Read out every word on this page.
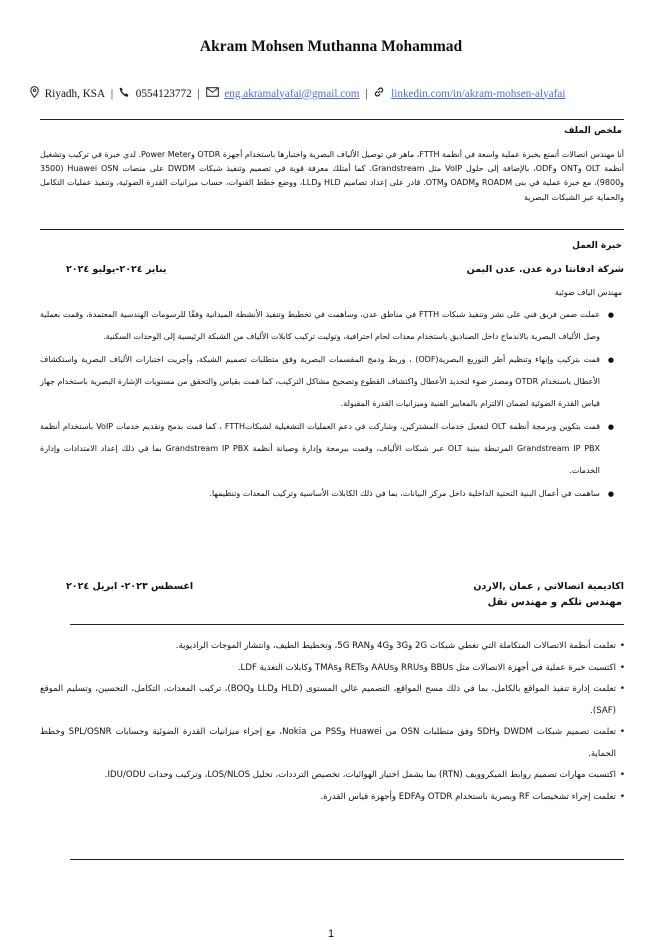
Akram Mohsen Muthanna Mohammad
Riyadh, KSA | 0554123772 | eng.akramalyafai@gmail.com | linkedin.com/in/akram-mohsen-alyafai
ملخص الملف
أنا مهندس اتصالات أتمتع بخبرة عملية واسعة في أنظمة FTTH، ماهر في توصيل الألياف البصرية واختبارها باستخدام أجهزة OTDR وPower Meter. لدي خبرة في تركيب وتشغيل أنظمة OLT وONT وODF، بالإضافة إلى حلول VoIP مثل Grandstream. كما أمتلك معرفة قوية في تصميم وتنفيذ شبكات DWDM على منصات Huawei OSN (3500 و9800)، مع خبرة عملية في بنى ROADM وOADM وOTM. قادر على إعداد تصاميم HLD وLLD، ووضع خطط القنوات، حساب ميزانيات القدرة الضوئية، وتنفيذ عمليات التكامل والحماية عبر الشبكات البصرية
خبرة العمل
شركة ادفانتا درة عدن. عدن اليمن
يناير ٢٠٢٤-يوليو ٢٠٢٤
مهندس الياف ضوئية
● عملت ضمن فريق فني على نشر وتنفيذ شبكات FTTH في مناطق عدن، وساهمت في تخطيط وتنفيذ الأنشطة الميدانية وفقًا للرسومات الهندسية المعتمدة، وقمت بعملية وصل الألياف البصرية بالاندماج داخل الصناديق باستخدام معدات لحام احترافية، وتوليت تركيب كابلات الألياف من الشبكة الرئيسية إلى الوحدات السكنية.
● قمت بتركيب وإنهاء وتنظيم أطر التوزيع البصرية(ODF) ، وربط ودمج المقسمات البصرية وفق متطلبات تصميم الشبكة، وأجريت اختبارات الألياف البصرية واستكشاف الأعطال باستخدام OTDR ومصدر ضوء لتحديد الأعطال واكتشاف القطوع وتصحيح مشاكل التركيب، كما قمت بقياس والتحقق من مستويات الإشارة البصرية باستخدام جهاز قياس القدرة الضوئية لضمان الالتزام بالمعايير الفنية وميزانيات القدرة المقبولة.
● قمت بتكوين وبرمجة أنظمة OLT لتفعيل خدمات المشتركين، وشاركت في دعم العمليات التشغيلية لشبكاتFTTH ، كما قمت بدمج وتقديم خدمات VoIP باستخدام أنظمة Grandstream IP PBX المرتبطة ببنية OLT عبر شبكات الألياف، وقمت ببرمجة وإدارة وصيانة أنظمة Grandstream IP PBX بما في ذلك إعداد الامتدادات وإدارة الخدمات.
● ساهمت في أعمال البنية التحتية الداخلية داخل مركز البيانات، بما في ذلك الكابلات الأساسية وتركيب المعدات وتنظيمها.
اكاديمية اتصالاتي , عمان ,الاردن
اغسطس ٢٠٢٣- ابريل ٢٠٢٤
مهندس تلكم و مهندس نقل
• تعلمت أنظمة الاتصالات المتكاملة التي تغطي شبكات 2G و3G و4G و5G RAN، وتخطيط الطيف، وانتشار الموجات الراديوية.
• اكتسبت خبرة عملية في أجهزة الاتصالات مثل BBUs وRRUs وAAUs وRETs وTMAs وكابلات التغذية LDF.
• تعلمت إدارة تنفيذ المواقع بالكامل، بما في ذلك مسح المواقع، التصميم عالي المستوى (HLD وLLD وBOQ)، تركيب المعدات، التكامل، التحسين، وتسليم الموقع (SAF).
• تعلمت تصميم شبكات DWDM وSDH وفق متطلبات OSN من Huawei وPSS من Nokia، مع إجراء ميزانيات القدرة الضوئية وحسابات SPL/OSNR وخطط الحماية.
• اكتسبت مهارات تصميم روابط الميكروويف (RTN) بما يشمل اختيار الهوائيات، تخصيص الترددات، تحليل LOS/NLOS، وتركيب وحدات IDU/ODU.
• تعلمت إجراء تشخيصات RF وبصرية باستخدام OTDR وEDFA وأجهزة قياس القدرة.
1
